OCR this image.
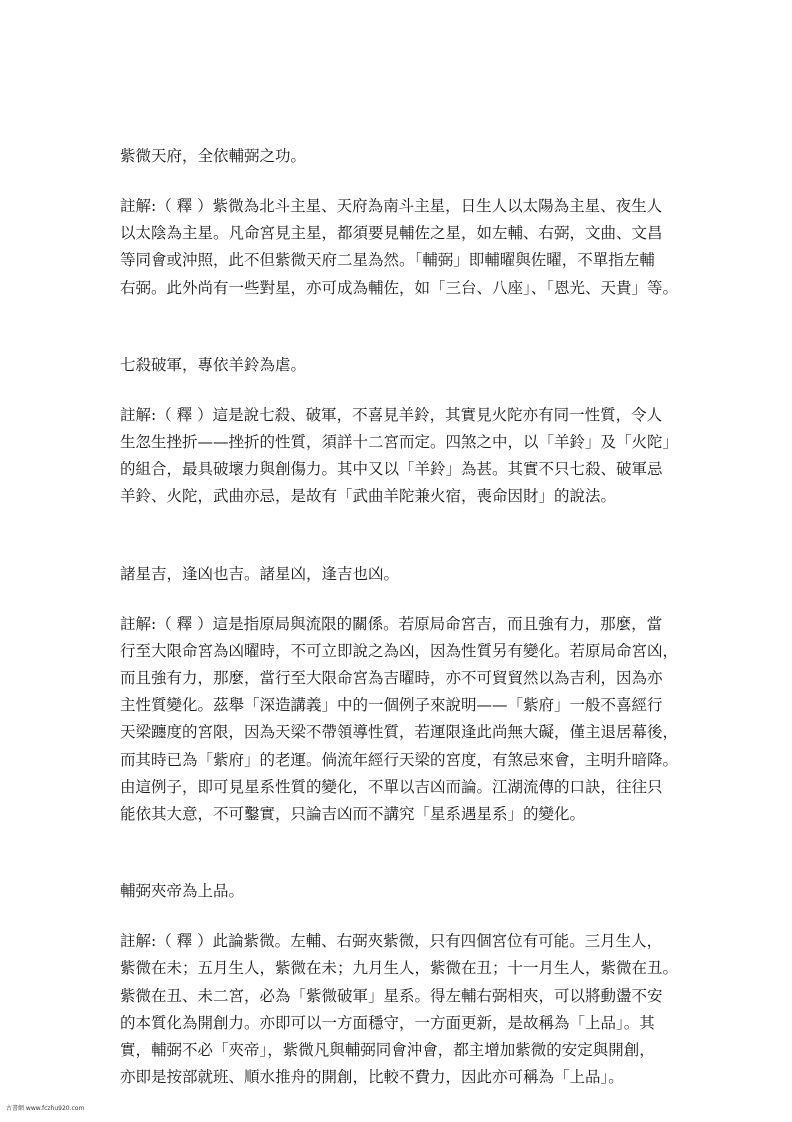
紫微天府，全依輔弼之功。

註解:（ 釋 ）紫微為北斗主星、天府為南斗主星，日生人以太陽為主星、夜生人
以太陰為主星。凡命宮見主星，都須要見輔佐之星，如左輔、右弼，文曲、文昌
等同會或沖照，此不但紫微天府二星為然。「輔弼」即輔曜與佐曜，不單指左輔
右弼。此外尚有一些對星，亦可成為輔佐，如「三台、八座」、「恩光、天貴」等。

七殺破軍，專依羊鈴為虐。

註解:（ 釋 ）這是說七殺、破軍，不喜見羊鈴，其實見火陀亦有同一性質，令人
生忽生挫折——挫折的性質，須詳十二宮而定。四煞之中，以「羊鈴」及「火陀」
的組合，最具破壞力與創傷力。其中又以「羊鈴」為甚。其實不只七殺、破軍忌
羊鈴、火陀，武曲亦忌，是故有「武曲羊陀兼火宿，喪命因財」的說法。

諸星吉，逢凶也吉。諸星凶，逢吉也凶。

註解:（ 釋 ）這是指原局與流限的關係。若原局命宮吉，而且強有力，那麼，當
行至大限命宮為凶曜時，不可立即說之為凶，因為性質另有變化。若原局命宮凶，
而且強有力，那麼，當行至大限命宮為吉曜時，亦不可貿貿然以為吉利，因為亦
主性質變化。茲舉「深造講義」中的一個例子來說明——「紫府」一般不喜經行
天梁躔度的宮限，因為天梁不帶領導性質，若運限逢此尚無大礙，僅主退居幕後，
而其時已為「紫府」的老運。倘流年經行天梁的宮度，有煞忌來會，主明升暗降。
由這例子，即可見星系性質的變化，不單以吉凶而論。江湖流傳的口訣，往往只
能依其大意，不可鑿實，只論吉凶而不講究「星系遇星系」的變化。

輔弼夾帝為上品。

註解:（ 釋 ）此論紫微。左輔、右弼夾紫微，只有四個宮位有可能。三月生人，
紫微在未；五月生人，紫微在未；九月生人，紫微在丑；十一月生人，紫微在丑。
紫微在丑、未二宮，必為「紫微破軍」星系。得左輔右弼相夾，可以將動盪不安
的本質化為開創力。亦即可以一方面穩守，一方面更新，是故稱為「上品」。其
實，輔弼不必「夾帝」，紫微凡與輔弼同會沖會，都主增加紫微的安定與開創，
亦即是按部就班、順水推舟的開創，比較不費力，因此亦可稱為「上品」。

古書網 www.fczhu920.com
